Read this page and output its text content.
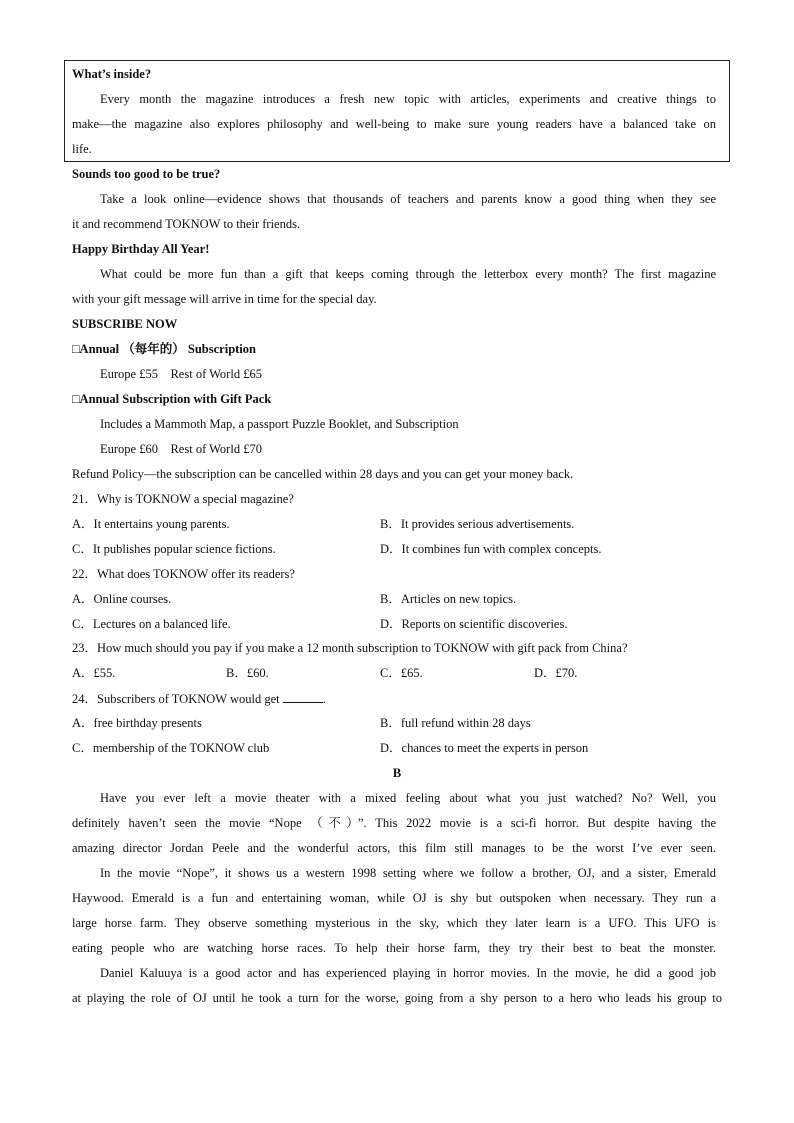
What’s inside?
Every month the magazine introduces a fresh new topic with articles, experiments and creative things to
make—the magazine also explores philosophy and well-being to make sure young readers have a balanced take on
life.
Sounds too good to be true?
Take a look online—evidence shows that thousands of teachers and parents know a good thing when they see
it and recommend TOKNOW to their friends.
Happy Birthday All Year!
What could be more fun than a gift that keeps coming through the letterbox every month? The first magazine
with your gift message will arrive in time for the special day.
SUBSCRIBE NOW
□Annual （每年的） Subscription
Europe £55    Rest of World £65
□Annual Subscription with Gift Pack
Includes a Mammoth Map, a passport Puzzle Booklet, and Subscription
Europe £60    Rest of World £70
Refund Policy—the subscription can be cancelled within 28 days and you can get your money back.
21．Why is TOKNOW a special magazine?
A．It entertains young parents.	B．It provides serious advertisements.
C．It publishes popular science fictions.	D．It combines fun with complex concepts.
22．What does TOKNOW offer its readers?
A．Online courses.	B．Articles on new topics.
C．Lectures on a balanced life.	D．Reports on scientific discoveries.
23．How much should you pay if you make a 12 month subscription to TOKNOW with gift pack from China?
A．£55.	B．£60.	C．£65.	D．£70.
24．Subscribers of TOKNOW would get	.
A．free birthday presents	B．full refund within 28 days
C．membership of the TOKNOW club	D．chances to meet the experts in person
B
Have you ever left a movie theater with a mixed feeling about what you just watched? No? Well, you
definitely haven’t seen the movie “Nope （不）”. This 2022 movie is a sci-fi horror. But despite having the
amazing director Jordan Peele and the wonderful actors, this film still manages to be the worst I’ve ever seen.
In the movie “Nope”, it shows us a western 1998 setting where we follow a brother, OJ, and a sister, Emerald
Haywood. Emerald is a fun and entertaining woman, while OJ is shy but outspoken when necessary. They run a
large horse farm. They observe something mysterious in the sky, which they later learn is a UFO. This UFO is
eating people who are watching horse races. To help their horse farm, they try their best to beat the monster.
Daniel Kaluuya is a good actor and has experienced playing in horror movies. In the movie, he did a good job
at playing the role of OJ until he took a turn for the worse, going from a shy person to a hero who leads his group to
